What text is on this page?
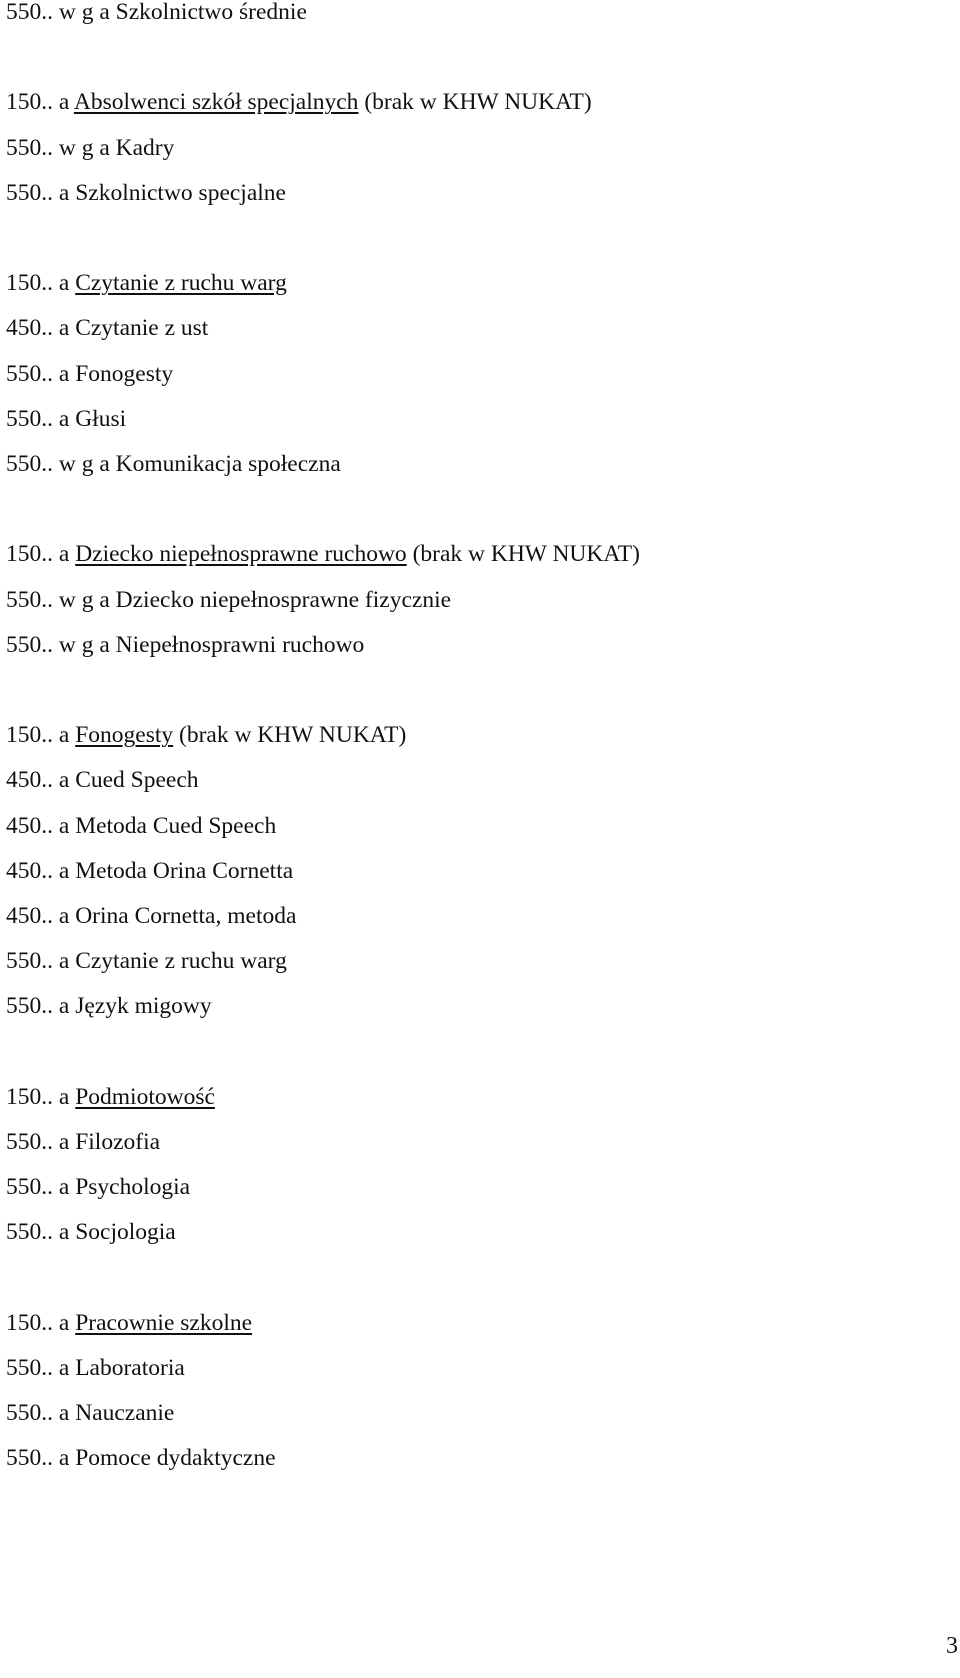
550.. w g a Szkolnictwo średnie
150.. a Absolwenci szkół specjalnych (brak w KHW NUKAT)
550.. w g a Kadry
550.. a Szkolnictwo specjalne
150.. a Czytanie z ruchu warg
450.. a Czytanie z ust
550.. a Fonogesty
550.. a Głusi
550.. w g a Komunikacja społeczna
150.. a Dziecko niepełnosprawne ruchowo (brak w KHW NUKAT)
550.. w g a Dziecko niepełnosprawne fizycznie
550.. w g a Niepełnosprawni ruchowo
150.. a Fonogesty (brak w KHW NUKAT)
450.. a Cued Speech
450.. a Metoda Cued Speech
450.. a Metoda Orina Cornetta
450.. a Orina Cornetta, metoda
550.. a Czytanie z ruchu warg
550.. a Język migowy
150.. a Podmiotowość
550.. a Filozofia
550.. a Psychologia
550.. a Socjologia
150.. a Pracownie szkolne
550.. a Laboratoria
550.. a Nauczanie
550.. a Pomoce dydaktyczne
3
